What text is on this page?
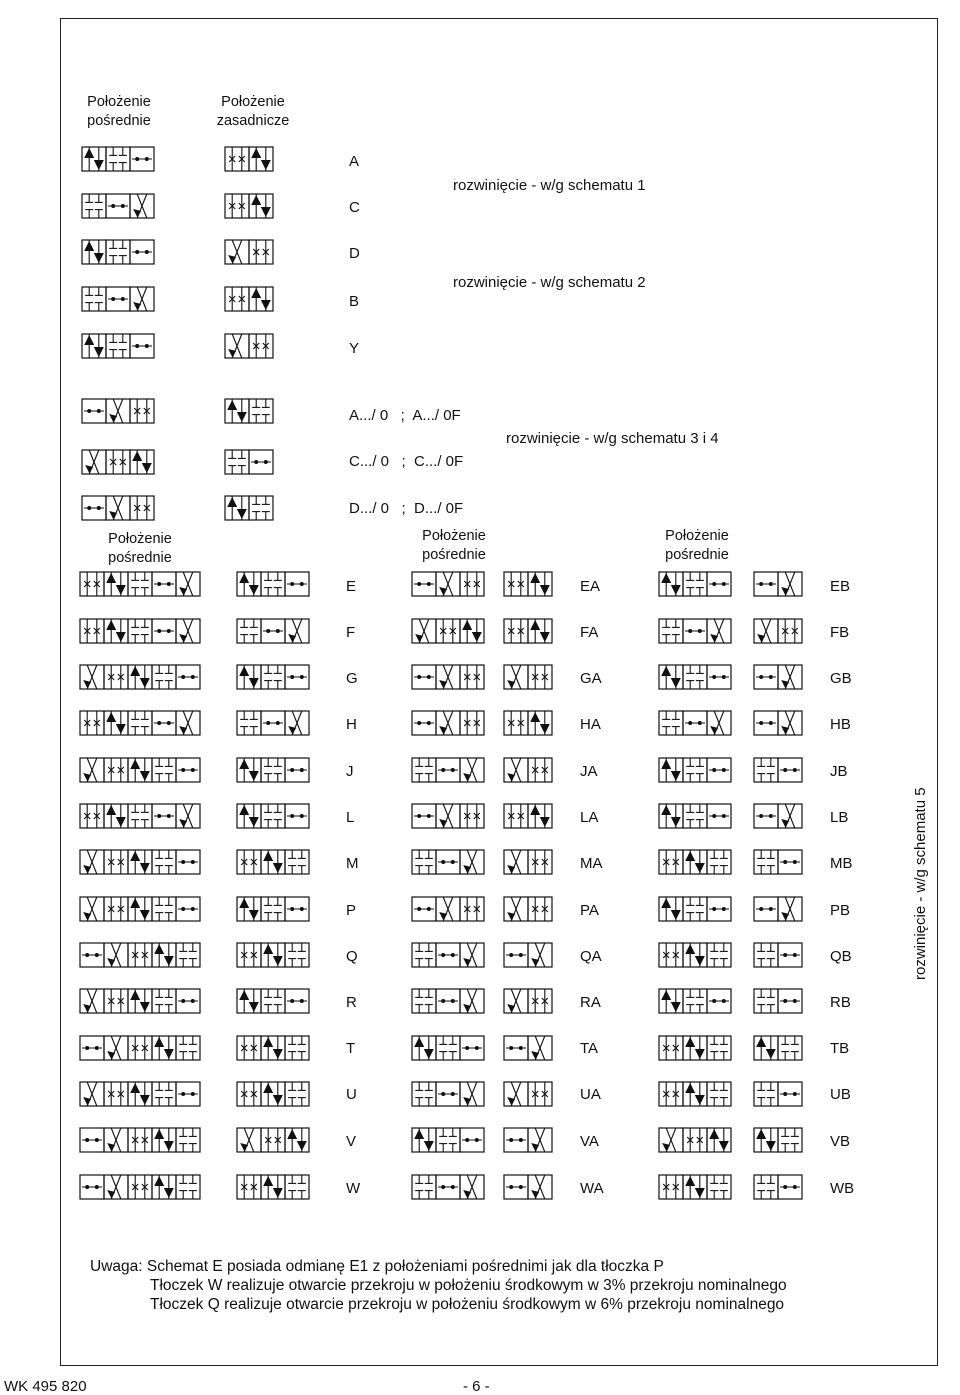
Położenie
pośrednie
Położenie
zasadnicze
A
C
D
B
Y
rozwinięcie - w/g schematu 1
rozwinięcie - w/g schematu 2
A.../ 0   ;  A.../ 0F
C.../ 0   ;  C.../ 0F
D.../ 0   ;  D.../ 0F
rozwinięcie - w/g schematu 3 i 4
Położenie
pośrednie
Położenie
pośrednie
Położenie
pośrednie
E
F
G
H
J
L
M
P
Q
R
T
U
V
W
EA
FA
GA
HA
JA
LA
MA
PA
QA
RA
TA
UA
VA
WA
EB
FB
GB
HB
JB
LB
MB
PB
QB
RB
TB
UB
VB
WB
rozwinięcie - w/g schematu 5
Uwaga: Schemat E posiada odmianę E1 z położeniami pośrednimi jak dla tłoczka P
Tłoczek W realizuje otwarcie przekroju w położeniu środkowym w 3% przekroju nominalnego
Tłoczek Q realizuje otwarcie przekroju w położeniu środkowym w 6% przekroju nominalnego
WK 495 820	- 6 -
